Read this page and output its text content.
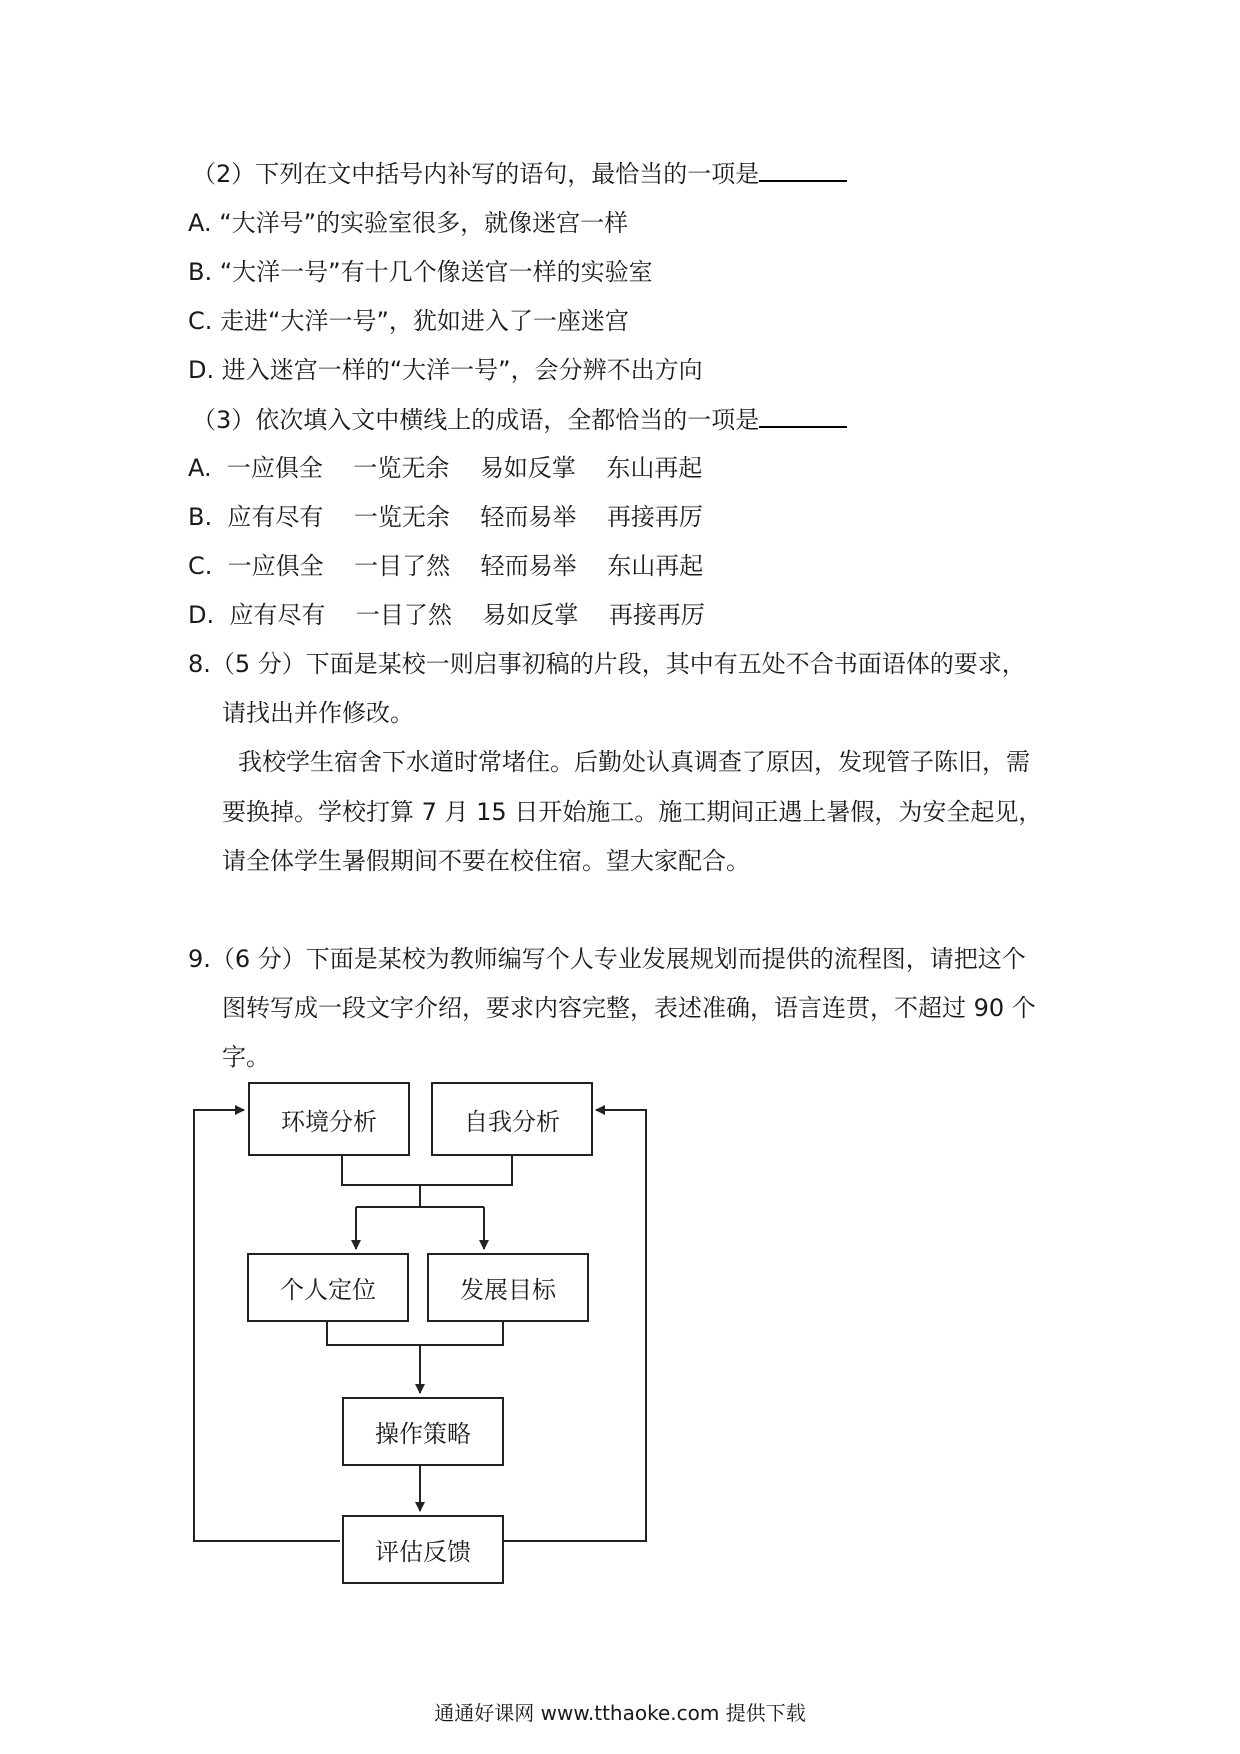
（2）下列在文中括号内补写的语句，最恰当的一项是
A. “大洋号”的实验室很多，就像迷宫一样
B. “大洋一号”有十几个像送官一样的实验室
C. 走进“大洋一号”，犹如进入了一座迷宫
D. 进入迷宫一样的“大洋一号”，会分辨不出方向
（3）依次填入文中横线上的成语，全都恰当的一项是
A.  一应俱全    一览无余    易如反掌    东山再起
B.  应有尽有    一览无余    轻而易举    再接再厉
C.  一应俱全    一目了然    轻而易举    东山再起
D.  应有尽有    一目了然    易如反掌    再接再厉
8.（5 分）下面是某校一则启事初稿的片段，其中有五处不合书面语体的要求，
请找出并作修改。
我校学生宿舍下水道时常堵住。后勤处认真调查了原因，发现管子陈旧，需
要换掉。学校打算 7 月 15 日开始施工。施工期间正遇上暑假，为安全起见，
请全体学生暑假期间不要在校住宿。望大家配合。
9.（6 分）下面是某校为教师编写个人专业发展规划而提供的流程图，请把这个
图转写成一段文字介绍，要求内容完整，表述准确，语言连贯，不超过 90 个
字。
环境分析	自我分析
个人定位	发展目标
操作策略
评估反馈
通通好课网 www.tthaoke.com 提供下载
